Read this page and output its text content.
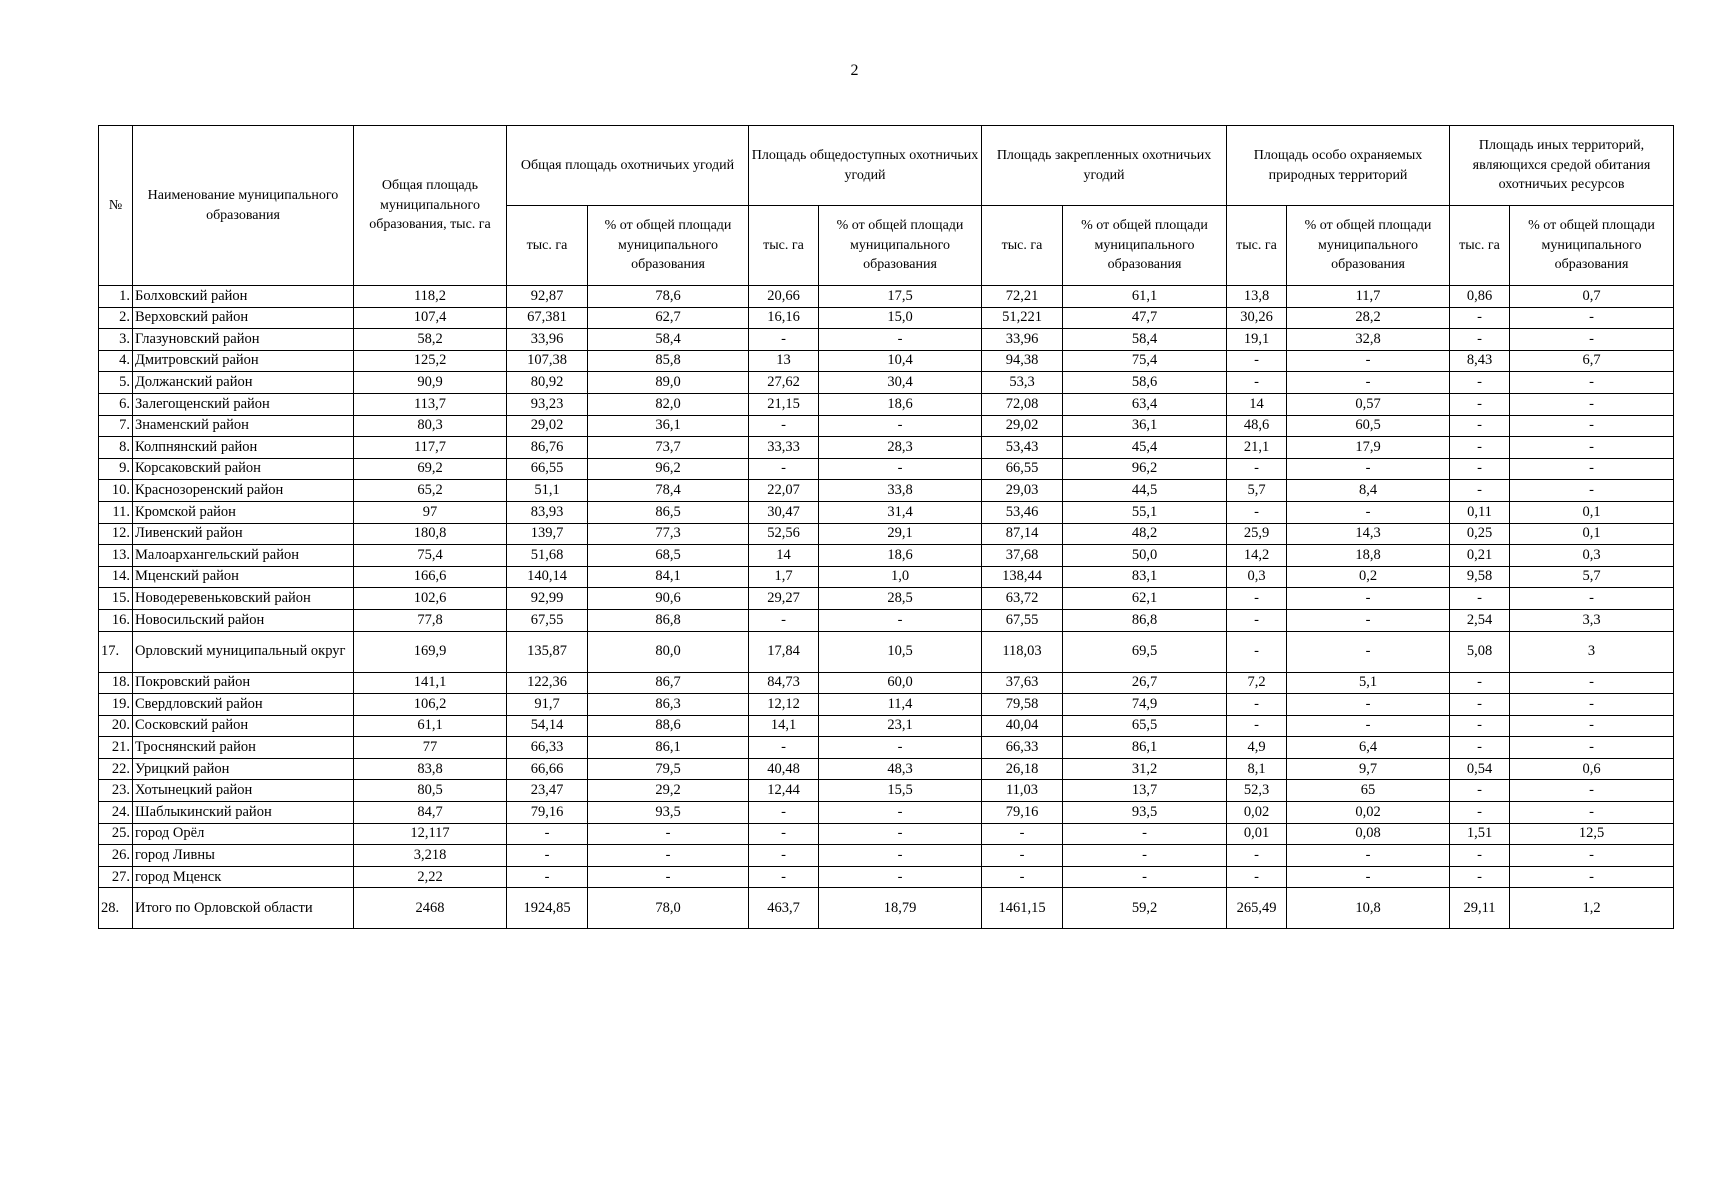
2
№	Наименование муниципального образования	Общая площадь муниципального образования, тыс. га	Общая площадь охотничьих угодий		Площадь общедоступных охотничьих угодий		Площадь закрепленных охотничьих угодий		Площадь особо охраняемых природных территорий		Площадь иных территорий, являющихся средой обитания охотничьих ресурсов	
			тыс. га	% от общей площади муниципального образования	тыс. га	% от общей площади муниципального образования	тыс. га	% от общей площади муниципального образования	тыс. га	% от общей площади муниципального образования	тыс. га	% от общей площади муниципального образования
1.	Болховский район	118,2	92,87	78,6	20,66	17,5	72,21	61,1	13,8	11,7	0,86	0,7
2.	Верховский район	107,4	67,381	62,7	16,16	15,0	51,221	47,7	30,26	28,2	-	-
3.	Глазуновский район	58,2	33,96	58,4	-	-	33,96	58,4	19,1	32,8	-	-
4.	Дмитровский район	125,2	107,38	85,8	13	10,4	94,38	75,4	-	-	8,43	6,7
5.	Должанский район	90,9	80,92	89,0	27,62	30,4	53,3	58,6	-	-	-	-
6.	Залегощенский район	113,7	93,23	82,0	21,15	18,6	72,08	63,4	14	0,57	-	-
7.	Знаменский район	80,3	29,02	36,1	-	-	29,02	36,1	48,6	60,5	-	-
8.	Колпнянский район	117,7	86,76	73,7	33,33	28,3	53,43	45,4	21,1	17,9	-	-
9.	Корсаковский район	69,2	66,55	96,2	-	-	66,55	96,2	-	-	-	-
10.	Краснозоренский район	65,2	51,1	78,4	22,07	33,8	29,03	44,5	5,7	8,4	-	-
11.	Кромской район	97	83,93	86,5	30,47	31,4	53,46	55,1	-	-	0,11	0,1
12.	Ливенский район	180,8	139,7	77,3	52,56	29,1	87,14	48,2	25,9	14,3	0,25	0,1
13.	Малоархангельский район	75,4	51,68	68,5	14	18,6	37,68	50,0	14,2	18,8	0,21	0,3
14.	Мценский район	166,6	140,14	84,1	1,7	1,0	138,44	83,1	0,3	0,2	9,58	5,7
15.	Новодеревеньковский район	102,6	92,99	90,6	29,27	28,5	63,72	62,1	-	-	-	-
16.	Новосильский район	77,8	67,55	86,8	-	-	67,55	86,8	-	-	2,54	3,3
17.	Орловский муниципальный округ	169,9	135,87	80,0	17,84	10,5	118,03	69,5	-	-	5,08	3
18.	Покровский район	141,1	122,36	86,7	84,73	60,0	37,63	26,7	7,2	5,1	-	-
19.	Свердловский район	106,2	91,7	86,3	12,12	11,4	79,58	74,9	-	-	-	-
20.	Сосковский район	61,1	54,14	88,6	14,1	23,1	40,04	65,5	-	-	-	-
21.	Троснянский район	77	66,33	86,1	-	-	66,33	86,1	4,9	6,4	-	-
22.	Урицкий район	83,8	66,66	79,5	40,48	48,3	26,18	31,2	8,1	9,7	0,54	0,6
23.	Хотынецкий район	80,5	23,47	29,2	12,44	15,5	11,03	13,7	52,3	65	-	-
24.	Шаблыкинский район	84,7	79,16	93,5	-	-	79,16	93,5	0,02	0,02	-	-
25.	город Орёл	12,117	-	-	-	-	-	-	0,01	0,08	1,51	12,5
26.	город Ливны	3,218	-	-	-	-	-	-	-	-	-	-
27.	город Мценск	2,22	-	-	-	-	-	-	-	-	-	-
28.	Итого по Орловской области	2468	1924,85	78,0	463,7	18,79	1461,15	59,2	265,49	10,8	29,11	1,2
